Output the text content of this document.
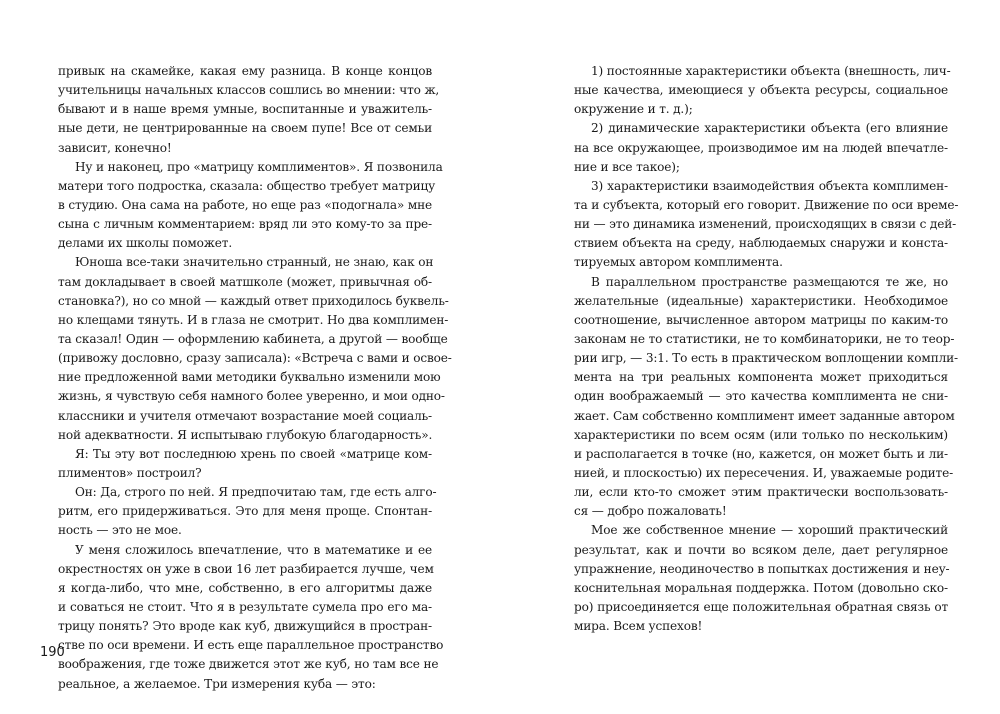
привык на скамейке, какая ему разница. В конце концов
учительницы начальных классов сошлись во мнении: что ж,
бывают и в наше время умные, воспитанные и уважитель-
ные дети, не центрированные на своем пупе! Все от семьи
зависит, конечно!
Ну и наконец, про «матрицу комплиментов». Я позвонила
матери того подростка, сказала: общество требует матрицу
в студию. Она сама на работе, но еще раз «подогнала» мне
сына с личным комментарием: вряд ли это кому-то за пре-
делами их школы поможет.
Юноша все-таки значительно странный, не знаю, как он
там докладывает в своей матшколе (может, привычная об-
становка?), но со мной — каждый ответ приходилось буквель-
но клещами тянуть. И в глаза не смотрит. Но два комплимен-
та сказал! Один — оформлению кабинета, а другой — вообще
(привожу дословно, сразу записала): «Встреча с вами и освое-
ние предложенной вами методики буквально изменили мою
жизнь, я чувствую себя намного более уверенно, и мои одно-
классники и учителя отмечают возрастание моей социаль-
ной адекватности. Я испытываю глубокую благодарность».
Я: Ты эту вот последнюю хрень по своей «матрице ком-
плиментов» построил?
Он: Да, строго по ней. Я предпочитаю там, где есть алго-
ритм, его придерживаться. Это для меня проще. Спонтан-
ность — это не мое.
У меня сложилось впечатление, что в математике и ее
окрестностях он уже в свои 16 лет разбирается лучше, чем
я когда-либо, что мне, собственно, в его алгоритмы даже
и соваться не стоит. Что я в результате сумела про его ма-
трицу понять? Это вроде как куб, движущийся в простран-
стве по оси времени. И есть еще параллельное пространство
воображения, где тоже движется этот же куб, но там все не
реальное, а желаемое. Три измерения куба — это:
1) постоянные характеристики объекта (внешность, лич-
ные качества, имеющиеся у объекта ресурсы, социальное
окружение и т. д.);
2) динамические характеристики объекта (его влияние
на все окружающее, производимое им на людей впечатле-
ние и все такое);
3) характеристики взаимодействия объекта комплимен-
та и субъекта, который его говорит. Движение по оси време-
ни — это динамика изменений, происходящих в связи с дей-
ствием объекта на среду, наблюдаемых снаружи и конста-
тируемых автором комплимента.
В параллельном пространстве размещаются те же, но
желательные (идеальные) характеристики. Необходимое
соотношение, вычисленное автором матрицы по каким-то
законам не то статистики, не то комбинаторики, не то теор-
рии игр, — 3:1. То есть в практическом воплощении компли-
мента на три реальных компонента может приходиться
один воображаемый — это качества комплимента не сни-
жает. Сам собственно комплимент имеет заданные автором
характеристики по всем осям (или только по нескольким)
и располагается в точке (но, кажется, он может быть и ли-
нией, и плоскостью) их пересечения. И, уважаемые родите-
ли, если кто-то сможет этим практически воспользовать-
ся — добро пожаловать!
Мое же собственное мнение — хороший практический
результат, как и почти во всяком деле, дает регулярное
упражнение, неодиночество в попытках достижения и неу-
коснительная моральная поддержка. Потом (довольно ско-
ро) присоединяется еще положительная обратная связь от
мира. Всем успехов!
190
